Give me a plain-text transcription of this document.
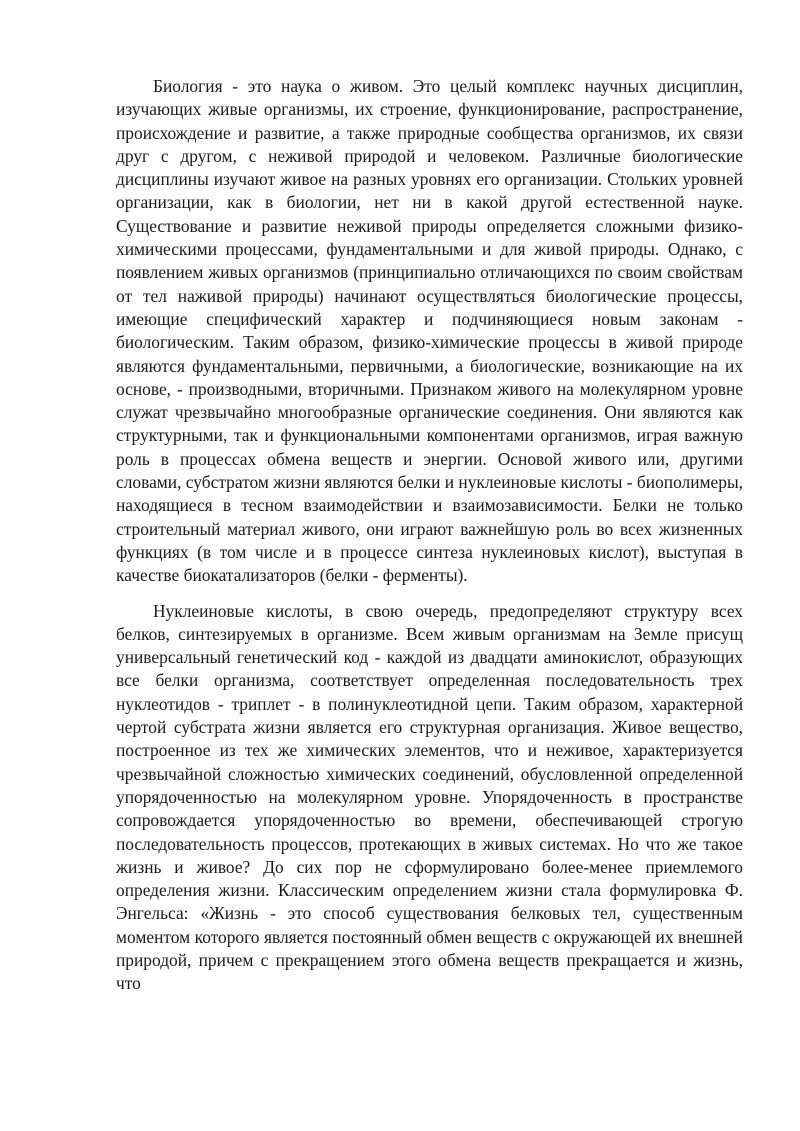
Биология - это наука о живом. Это целый комплекс научных дисциплин, изучающих живые организмы, их строение, функционирование, распространение, происхождение и развитие, а также природные сообщества организмов, их связи друг с другом, с неживой природой и человеком. Различные биологические дисциплины изучают живое на разных уровнях его организации. Стольких уровней организации, как в биологии, нет ни в какой другой естественной науке. Существование и развитие неживой природы определяется сложными физико-химическими процессами, фундаментальными и для живой природы. Однако, с появлением живых организмов (принципиально отличающихся по своим свойствам от тел наживой природы) начинают осуществляться биологические процессы, имеющие специфический характер и подчиняющиеся новым законам - биологическим. Таким образом, физико-химические процессы в живой природе являются фундаментальными, первичными, а биологические, возникающие на их основе, - производными, вторичными. Признаком живого на молекулярном уровне служат чрезвычайно многообразные органические соединения. Они являются как структурными, так и функциональными компонентами организмов, играя важную роль в процессах обмена веществ и энергии. Основой живого или, другими словами, субстратом жизни являются белки и нуклеиновые кислоты - биополимеры, находящиеся в тесном взаимодействии и взаимозависимости. Белки не только строительный материал живого, они играют важнейшую роль во всех жизненных функциях (в том числе и в процессе синтеза нуклеиновых кислот), выступая в качестве биокатализаторов (белки - ферменты).

Нуклеиновые кислоты, в свою очередь, предопределяют структуру всех белков, синтезируемых в организме. Всем живым организмам на Земле присущ универсальный генетический код - каждой из двадцати аминокислот, образующих все белки организма, соответствует определенная последовательность трех нуклеотидов - триплет - в полинуклеотидной цепи. Таким образом, характерной чертой субстрата жизни является его структурная организация. Живое вещество, построенное из тех же химических элементов, что и неживое, характеризуется чрезвычайной сложностью химических соединений, обусловленной определенной упорядоченностью на молекулярном уровне. Упорядоченность в пространстве сопровождается упорядоченностью во времени, обеспечивающей строгую последовательность процессов, протекающих в живых системах. Но что же такое жизнь и живое? До сих пор не сформулировано более-менее приемлемого определения жизни. Классическим определением жизни стала формулировка Ф. Энгельса: «Жизнь - это способ существования белковых тел, существенным моментом которого является постоянный обмен веществ с окружающей их внешней природой, причем с прекращением этого обмена веществ прекращается и жизнь, что
